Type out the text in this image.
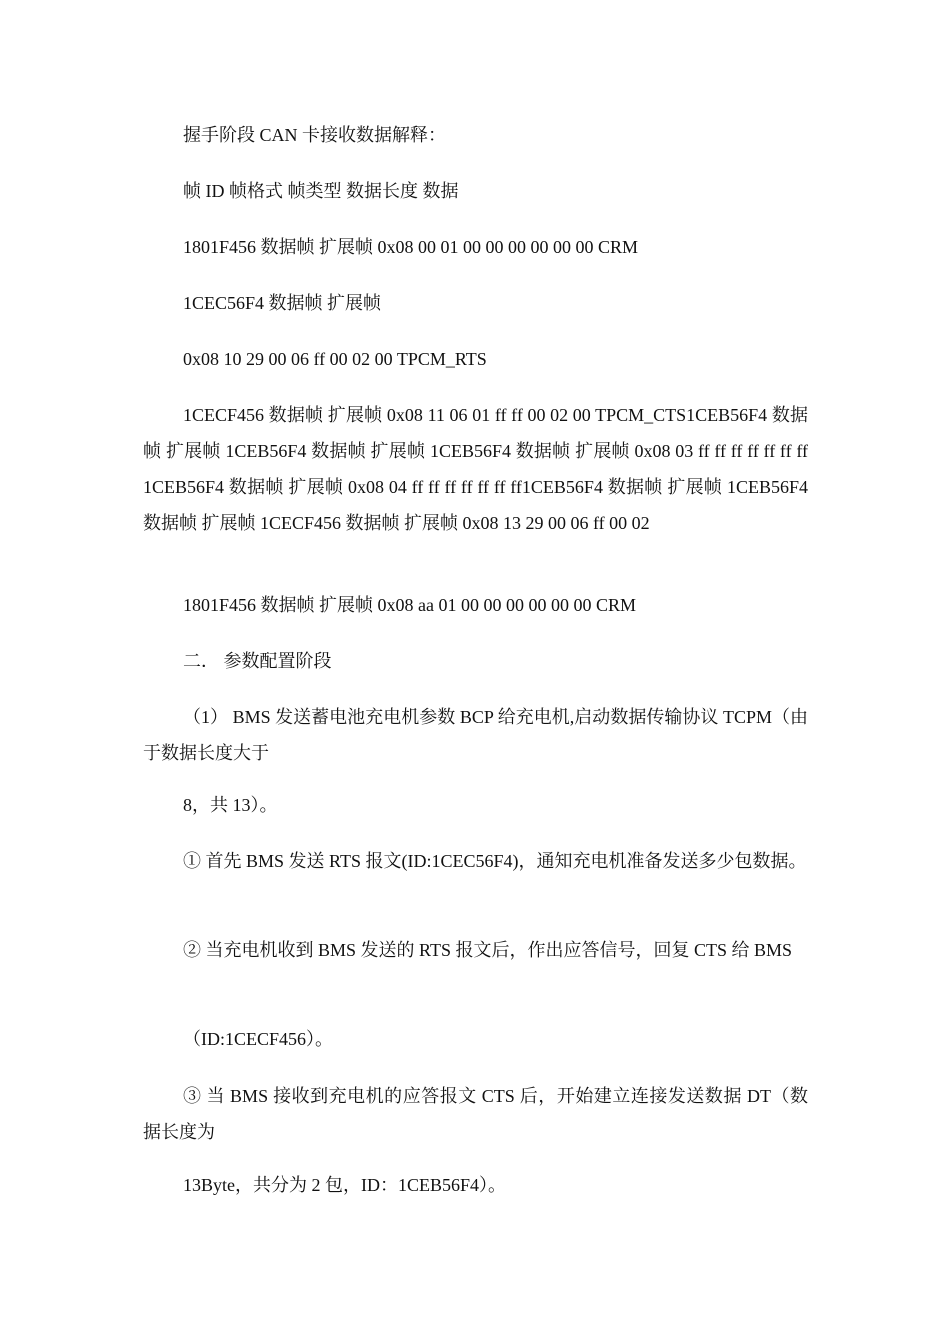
握手阶段 CAN 卡接收数据解释：

帧 ID 帧格式 帧类型 数据长度 数据

1801F456 数据帧 扩展帧 0x08 00 01 00 00 00 00 00 00 CRM

1CEC56F4 数据帧 扩展帧

0x08 10 29 00 06 ff 00 02 00 TPCM_RTS

1CECF456 数据帧 扩展帧 0x08 11 06 01 ff ff 00 02 00 TPCM_CTS1CEB56F4 数据帧 扩展帧 1CEB56F4 数据帧 扩展帧 1CEB56F4 数据帧 扩展帧 0x08 03 ff ff ff ff ff ff ff1CEB56F4 数据帧 扩展帧 0x08 04 ff ff ff ff ff ff ff1CEB56F4 数据帧 扩展帧 1CEB56F4 数据帧 扩展帧 1CECF456 数据帧 扩展帧 0x08 13 29 00 06 ff 00 02

1801F456 数据帧 扩展帧 0x08 aa 01 00 00 00 00 00 00 CRM

二． 参数配置阶段

（1） BMS 发送蓄电池充电机参数 BCP 给充电机,启动数据传输协议 TCPM（由于数据长度大于

8，共 13）。

① 首先 BMS 发送 RTS 报文(ID:1CEC56F4)，通知充电机准备发送多少包数据。

② 当充电机收到 BMS 发送的 RTS 报文后，作出应答信号，回复 CTS 给 BMS

（ID:1CECF456）。

③ 当 BMS 接收到充电机的应答报文 CTS 后，开始建立连接发送数据 DT（数据长度为

13Byte，共分为 2 包，ID：1CEB56F4）。
